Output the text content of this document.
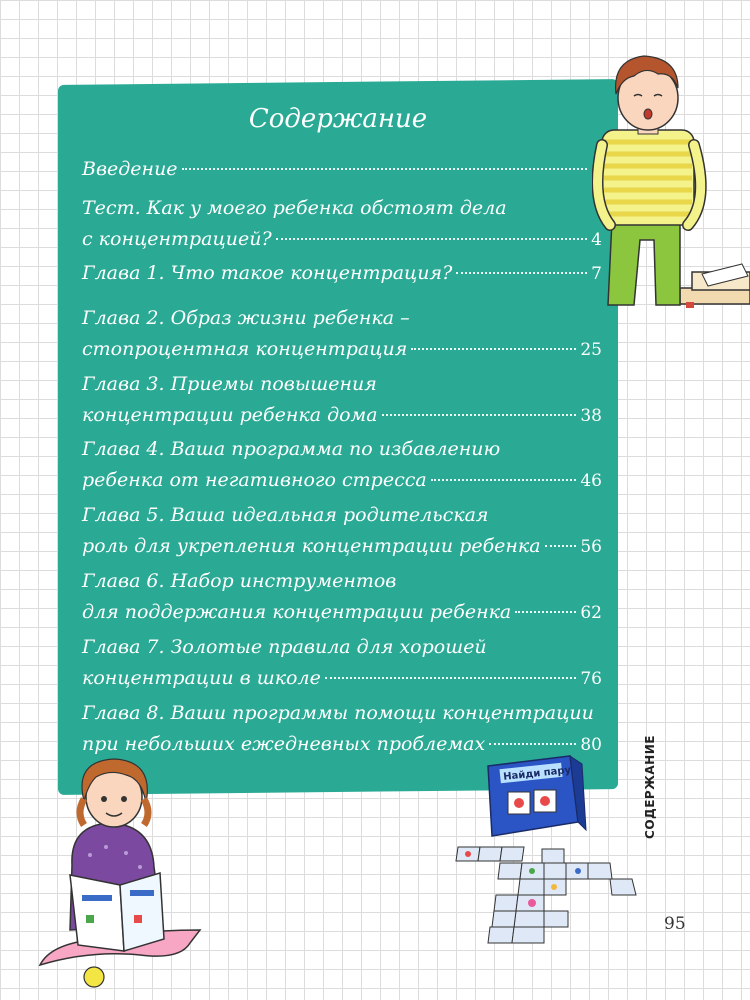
Содержание
Введение	3
Тест. Как у моего ребенка обстоят дела
с концентрацией?	4
Глава 1. Что такое концентрация?	7
Глава 2. Образ жизни ребенка –
стопроцентная концентрация	25
Глава 3. Приемы повышения
концентрации ребенка дома	38
Глава 4. Ваша программа по избавлению
ребенка от негативного стресса	46
Глава 5. Ваша идеальная родительская
роль для укрепления концентрации ребенка 56
Глава 6. Набор инструментов
для поддержания концентрации ребенка	62
Глава 7. Золотые правила для хорошей
концентрации в школе	76
Глава 8. Ваши программы помощи концентрации
при небольших ежедневных проблемах	80
Найди пару	СОДЕРЖАНИЕ
95
